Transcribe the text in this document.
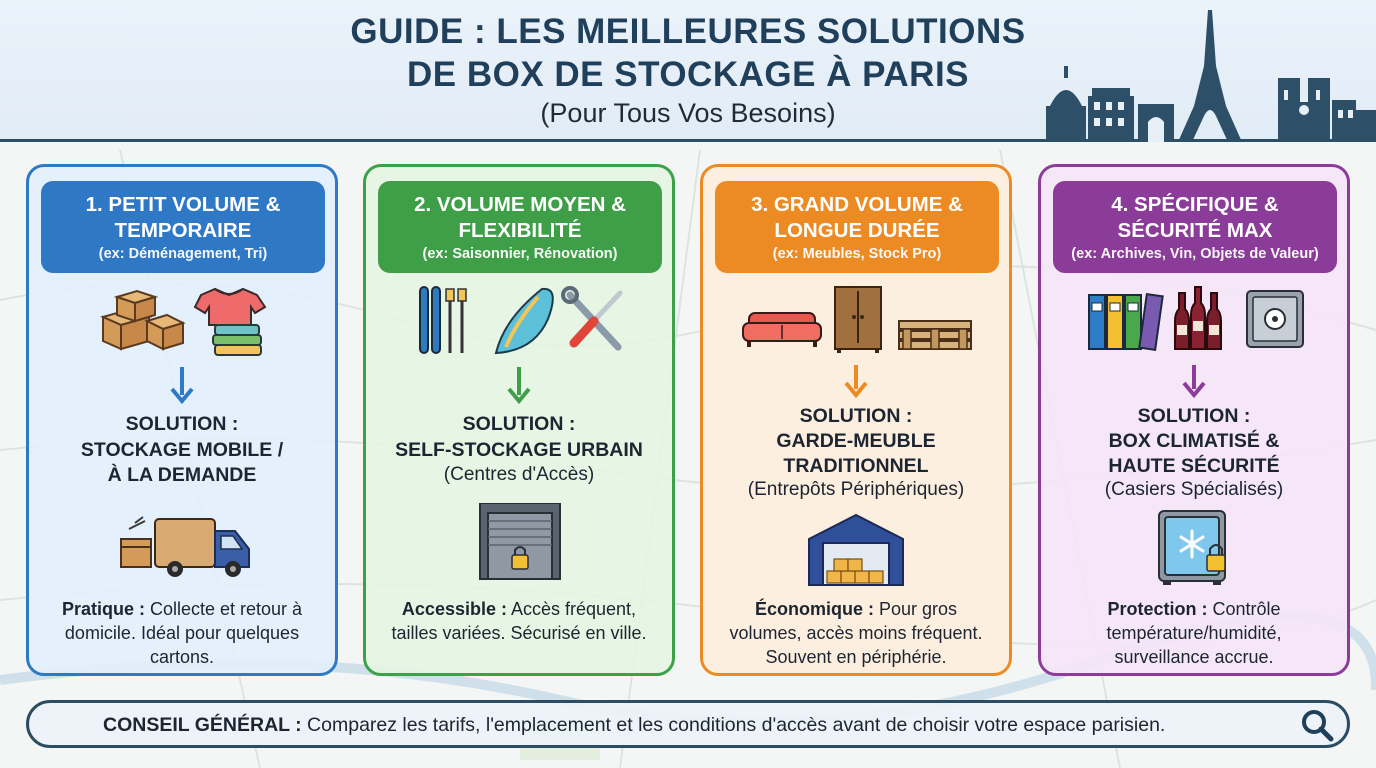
GUIDE : LES MEILLEURES SOLUTIONS
DE BOX DE STOCKAGE À PARIS
(Pour Tous Vos Besoins)
1. PETIT VOLUME &
TEMPORAIRE
(ex: Déménagement, Tri)
SOLUTION :
STOCKAGE MOBILE /
À LA DEMANDE
Pratique : Collecte et retour à
domicile. Idéal pour quelques
cartons.
2. VOLUME MOYEN &
FLEXIBILITÉ
(ex: Saisonnier, Rénovation)
SOLUTION :
SELF-STOCKAGE URBAIN
(Centres d'Accès)
Accessible : Accès fréquent,
tailles variées. Sécurisé en ville.
3. GRAND VOLUME &
LONGUE DURÉE
(ex: Meubles, Stock Pro)
SOLUTION :
GARDE-MEUBLE
TRADITIONNEL
(Entrepôts Périphériques)
Économique : Pour gros
volumes, accès moins fréquent.
Souvent en périphérie.
4. SPÉCIFIQUE &
SÉCURITÉ MAX
(ex: Archives, Vin, Objets de Valeur)
SOLUTION :
BOX CLIMATISÉ &
HAUTE SÉCURITÉ
(Casiers Spécialisés)
Protection : Contrôle
température/humidité,
surveillance accrue.
CONSEIL GÉNÉRAL : Comparez les tarifs, l'emplacement et les conditions d'accès avant de choisir votre espace parisien.
